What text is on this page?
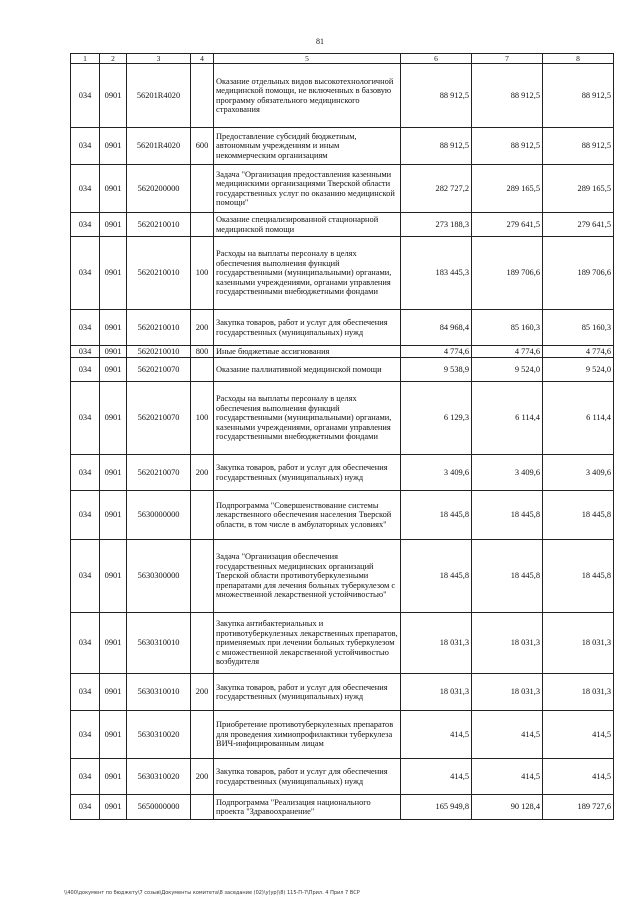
81
1	2	3	4	5	6	7	8
034	0901	56201R4020		Оказание отдельных видов высокотехнологичной медицинской помощи, не включенных в базовую программу обязательного медицинского страхования	88 912,5	88 912,5	88 912,5
034	0901	56201R4020	600	Предоставление субсидий бюджетным, автономным учреждениям и иным некоммерческим организациям	88 912,5	88 912,5	88 912,5
034	0901	5620200000		Задача "Организация предоставления казенными медицинскими организациями Тверской области государственных услуг по оказанию медицинской помощи"	282 727,2	289 165,5	289 165,5
034	0901	5620210010		Оказание специализированной стационарной медицинской помощи	273 188,3	279 641,5	279 641,5
034	0901	5620210010	100	Расходы на выплаты персоналу в целях обеспечения выполнения функций государственными (муниципальными) органами, казенными учреждениями, органами управления государственными внебюджетными фондами	183 445,3	189 706,6	189 706,6
034	0901	5620210010	200	Закупка товаров, работ и услуг для обеспечения государственных (муниципальных) нужд	84 968,4	85 160,3	85 160,3
034	0901	5620210010	800	Иные бюджетные ассигнования	4 774,6	4 774,6	4 774,6
034	0901	5620210070		Оказание паллиативной медицинской помощи	9 538,9	9 524,0	9 524,0
034	0901	5620210070	100	Расходы на выплаты персоналу в целях обеспечения выполнения функций государственными (муниципальными) органами, казенными учреждениями, органами управления государственными внебюджетными фондами	6 129,3	6 114,4	6 114,4
034	0901	5620210070	200	Закупка товаров, работ и услуг для обеспечения государственных (муниципальных) нужд	3 409,6	3 409,6	3 409,6
034	0901	5630000000		Подпрограмма "Совершенствование системы лекарственного обеспечения населения Тверской области, в том числе в амбулаторных условиях"	18 445,8	18 445,8	18 445,8
034	0901	5630300000		Задача "Организация обеспечения государственных медицинских организаций Тверской области противотуберкулезными препаратами для лечения больных туберкулезом с множественной лекарственной устойчивостью"	18 445,8	18 445,8	18 445,8
034	0901	5630310010		Закупка антибактериальных и противотуберкулезных лекарственных препаратов, применяемых при лечении больных туберкулезом с множественной лекарственной устойчивостью возбудителя	18 031,3	18 031,3	18 031,3
034	0901	5630310010	200	Закупка товаров, работ и услуг для обеспечения государственных (муниципальных) нужд	18 031,3	18 031,3	18 031,3
034	0901	5630310020		Приобретение противотуберкулезных препаратов для проведения химиопрофилактики туберкулеза ВИЧ-инфицированным лицам	414,5	414,5	414,5
034	0901	5630310020	200	Закупка товаров, работ и услуг для обеспечения государственных (муниципальных) нужд	414,5	414,5	414,5
034	0901	5650000000		Подпрограмма "Реализация национального проекта "Здравоохранение"	165 949,8	90 128,4	189 727,6
\\400\документ по бюджету\7 созыв\Документы комитета\8 заседание (02)\у(ур)\8) 115-П-7\Прил. 4 Прил 7 ВСР
